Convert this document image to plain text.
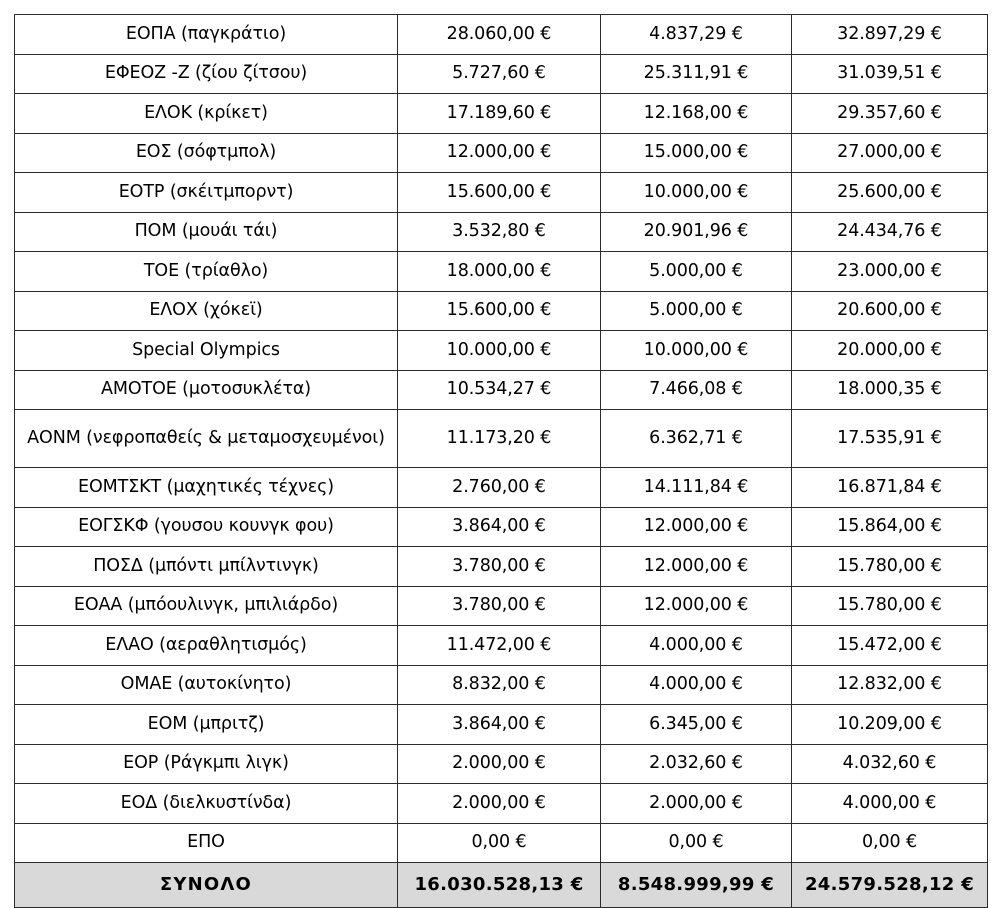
ΕΟΠΑ (παγκράτιο)	28.060,00 €	4.837,29 €	32.897,29 €
ΕΦΕΟΖ -Ζ (ζίου ζίτσου)	5.727,60 €	25.311,91 €	31.039,51 €
ΕΛΟΚ (κρίκετ)	17.189,60 €	12.168,00 €	29.357,60 €
ΕΟΣ (σόφτμπολ)	12.000,00 €	15.000,00 €	27.000,00 €
ΕΟΤΡ (σκέιτμπορντ)	15.600,00 €	10.000,00 €	25.600,00 €
ΠΟΜ (μουάι τάι)	3.532,80 €	20.901,96 €	24.434,76 €
ΤΟΕ (τρίαθλο)	18.000,00 €	5.000,00 €	23.000,00 €
ΕΛΟΧ (χόκεϊ)	15.600,00 €	5.000,00 €	20.600,00 €
Special Olympics	10.000,00 €	10.000,00 €	20.000,00 €
ΑΜΟΤΟΕ (μοτοσυκλέτα)	10.534,27 €	7.466,08 €	18.000,35 €
ΑΟΝΜ (νεφροπαθείς & μεταμοσχευμένοι)	11.173,20 €	6.362,71 €	17.535,91 €
ΕΟΜΤΣΚΤ (μαχητικές τέχνες)	2.760,00 €	14.111,84 €	16.871,84 €
ΕΟΓΣΚΦ (γουσου κουνγκ φου)	3.864,00 €	12.000,00 €	15.864,00 €
ΠΟΣΔ (μπόντι μπίλντινγκ)	3.780,00 €	12.000,00 €	15.780,00 €
ΕΟΑΑ (μπόουλινγκ, μπιλιάρδο)	3.780,00 €	12.000,00 €	15.780,00 €
ΕΛΑΟ (αεραθλητισμός)	11.472,00 €	4.000,00 €	15.472,00 €
ΟΜΑΕ (αυτοκίνητο)	8.832,00 €	4.000,00 €	12.832,00 €
ΕΟΜ (μπριτζ)	3.864,00 €	6.345,00 €	10.209,00 €
ΕΟΡ (Ράγκμπι λιγκ)	2.000,00 €	2.032,60 €	4.032,60 €
ΕΟΔ (διελκυστίνδα)	2.000,00 €	2.000,00 €	4.000,00 €
ΕΠΟ	0,00 €	0,00 €	0,00 €
ΣΥΝΟΛΟ	16.030.528,13 €	8.548.999,99 €	24.579.528,12 €
